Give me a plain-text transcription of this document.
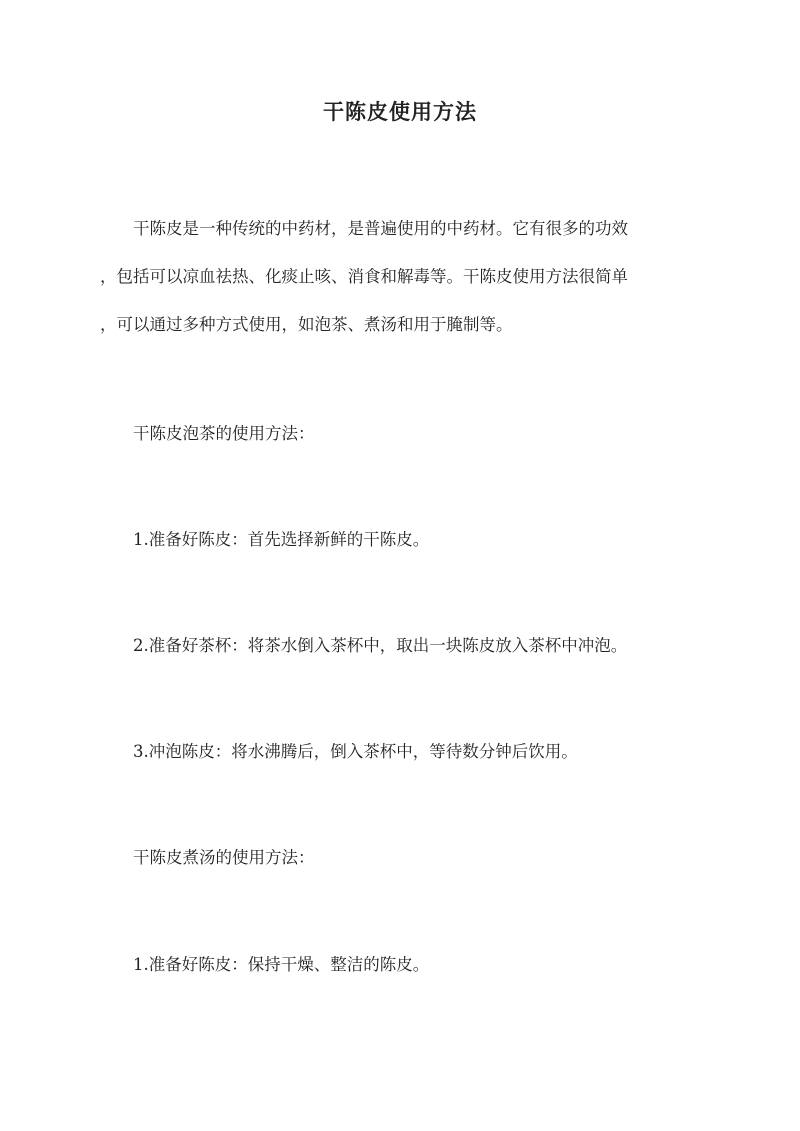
干陈皮使用方法
干陈皮是一种传统的中药材，是普遍使用的中药材。它有很多的功效
，包括可以凉血祛热、化痰止咳、消食和解毒等。干陈皮使用方法很简单
，可以通过多种方式使用，如泡茶、煮汤和用于腌制等。

干陈皮泡茶的使用方法：

1.准备好陈皮：首先选择新鲜的干陈皮。

2.准备好茶杯：将茶水倒入茶杯中，取出一块陈皮放入茶杯中冲泡。

3.冲泡陈皮：将水沸腾后，倒入茶杯中，等待数分钟后饮用。

干陈皮煮汤的使用方法：

1.准备好陈皮：保持干燥、整洁的陈皮。
